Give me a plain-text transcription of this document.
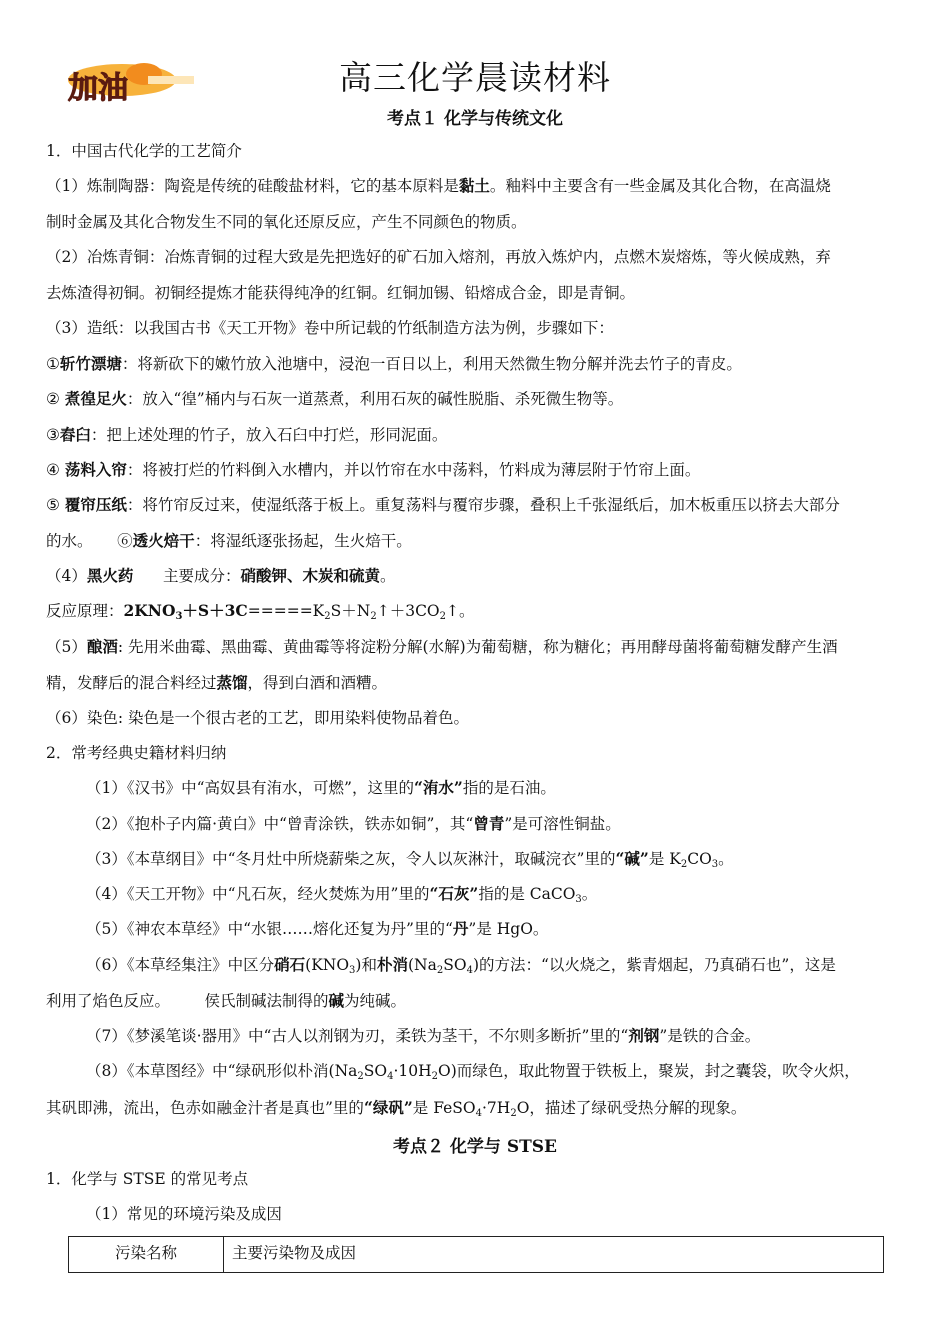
加油	高三化学晨读材料
考点１ 化学与传统文化
1．中国古代化学的工艺简介
（1）炼制陶器：陶瓷是传统的硅酸盐材料，它的基本原料是黏土。釉料中主要含有一些金属及其化合物，在高温烧
制时金属及其化合物发生不同的氧化还原反应，产生不同颜色的物质。
（2）冶炼青铜：冶炼青铜的过程大致是先把选好的矿石加入熔剂，再放入炼炉内，点燃木炭熔炼，等火候成熟，弃
去炼渣得初铜。初铜经提炼才能获得纯净的红铜。红铜加锡、铅熔成合金，即是青铜。
（3）造纸：以我国古书《天工开物》卷中所记载的竹纸制造方法为例，步骤如下：
①斩竹漂塘：将新砍下的嫩竹放入池塘中，浸泡一百日以上，利用天然微生物分解并洗去竹子的青皮。
② 煮徨足火：放入“徨”桶内与石灰一道蒸煮，利用石灰的碱性脱脂、杀死微生物等。
③舂臼：把上述处理的竹子，放入石臼中打烂，形同泥面。
④ 荡料入帘：将被打烂的竹料倒入水槽内，并以竹帘在水中荡料，竹料成为薄层附于竹帘上面。
⑤ 覆帘压纸：将竹帘反过来，使湿纸落于板上。重复荡料与覆帘步骤，叠积上千张湿纸后，加木板重压以挤去大部分
的水。 ⑥透火焙干：将湿纸逐张扬起，生火焙干。
（4）黑火药 主要成分：硝酸钾、木炭和硫黄。
反应原理：$2KNO_3+S+3C=====K_2S+N_2↑+3CO_2↑$。
（5）酿酒: 先用米曲霉、黑曲霉、黄曲霉等将淀粉分解(水解)为葡萄糖，称为糖化；再用酵母菌将葡萄糖发酵产生酒
精，发酵后的混合料经过蒸馏，得到白酒和酒糟。
（6）染色: 染色是一个很古老的工艺，即用染料使物品着色。
2．常考经典史籍材料归纳
（1）《汉书》中“高奴县有洧水，可燃”，这里的“洧水”指的是石油。
（2）《抱朴子内篇·黄白》中“曾青涂铁，铁赤如铜”，其“曾青”是可溶性铜盐。
（3）《本草纲目》中“冬月灶中所烧薪柴之灰，令人以灰淋汁，取碱浣衣”里的“碱”是 $K_2CO_3$。
（4）《天工开物》中“凡石灰，经火焚炼为用”里的“石灰”指的是 CaCO$_3$。
（5）《神农本草经》中“水银……熔化还复为丹”里的“丹”是 HgO。
（6）《本草经集注》中区分硝石$(KNO_3)$和朴消$(Na_2SO_4)$的方法：“以火烧之，紫青烟起，乃真硝石也”，这是
利用了焰色反应。 侯氏制碱法制得的碱为纯碱。
（7）《梦溪笔谈·器用》中“古人以剂钢为刃，柔铁为茎干，不尔则多断折”里的“剂钢”是铁的合金。
（8）《本草图经》中“绿矾形似朴消$(Na_2SO_4\cdot 10H_2O)$而绿色，取此物置于铁板上，聚炭，封之囊袋，吹令火炽，
其矾即沸，流出，色赤如融金汁者是真也”里的“绿矾”是 $FeSO_4\cdot 7H_2O$，描述了绿矾受热分解的现象。
考点２ 化学与 STSE
1．化学与 STSE 的常见考点
（1）常见的环境污染及成因
污染名称	主要污染物及成因
